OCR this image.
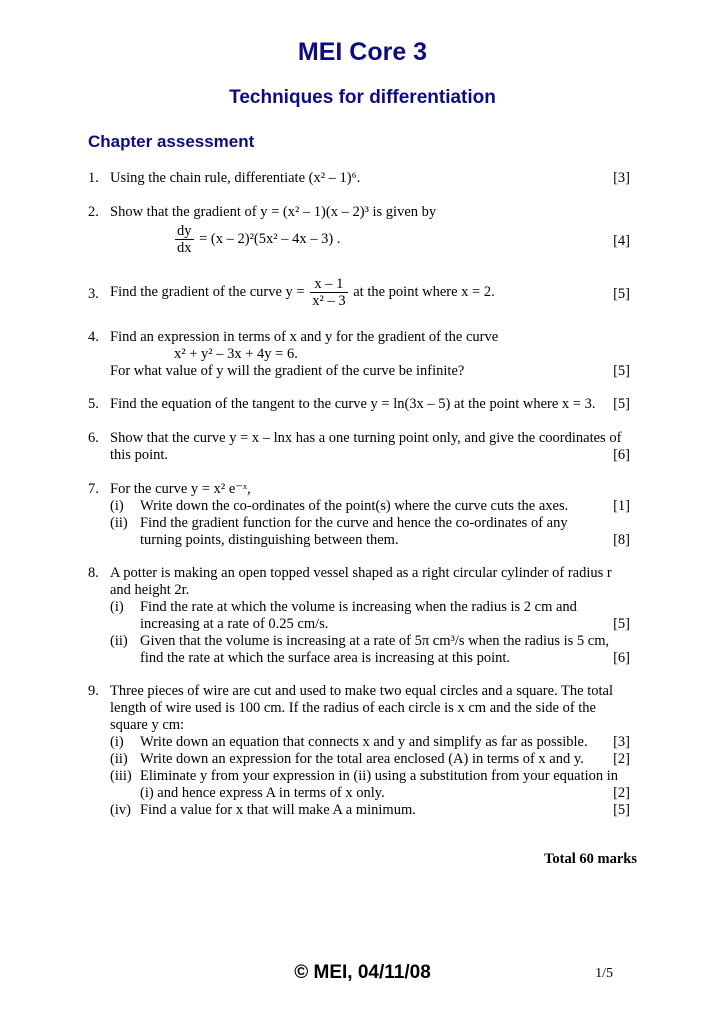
MEI Core 3
Techniques for differentiation
Chapter assessment
1. Using the chain rule, differentiate (x² – 1)⁶.	[3]
2. Show that the gradient of y = (x² – 1)(x – 2)³ is given by
$\frac{dy}{dx} = (x - 2)^2(5x^2 - 4x - 3)$ .	[4]
3. Find the gradient of the curve $y = \frac{x - 1}{\text{x² – 3}}$ at the point where x = 2.	[5]
4. Find an expression in terms of x and y for the gradient of the curve
x² + y² – 3x + 4y = 6.
For what value of y will the gradient of the curve be infinite?	[5]
5. Find the equation of the tangent to the curve y = ln(3x – 5) at the point where x = 3.	[5]
6. Show that the curve y = x – lnx has a one turning point only, and give the coordinates of
this point.	[6]
7. For the curve y = x² e⁻ˣ,
(i) Write down the co-ordinates of the point(s) where the curve cuts the axes.	[1]
(ii) Find the gradient function for the curve and hence the co-ordinates of any
turning points, distinguishing between them.	[8]
8. A potter is making an open topped vessel shaped as a right circular cylinder of radius r
and height 2r.
(i) Find the rate at which the volume is increasing when the radius is 2 cm and
increasing at a rate of 0.25 cm/s.	[5]
(ii) Given that the volume is increasing at a rate of 5π cm³/s when the radius is 5 cm,
find the rate at which the surface area is increasing at this point.	[6]
9. Three pieces of wire are cut and used to make two equal circles and a square. The total
length of wire used is 100 cm. If the radius of each circle is x cm and the side of the
square y cm:
(i) Write down an equation that connects x and y and simplify as far as possible. [3]
(ii) Write down an expression for the total area enclosed (A) in terms of x and y. [2]
(iii) Eliminate y from your expression in (ii) using a substitution from your equation in
(i) and hence express A in terms of x only.	[2]
(iv) Find a value for x that will make A a minimum.	[5]
Total 60 marks
© MEI, 04/11/08	1/5
